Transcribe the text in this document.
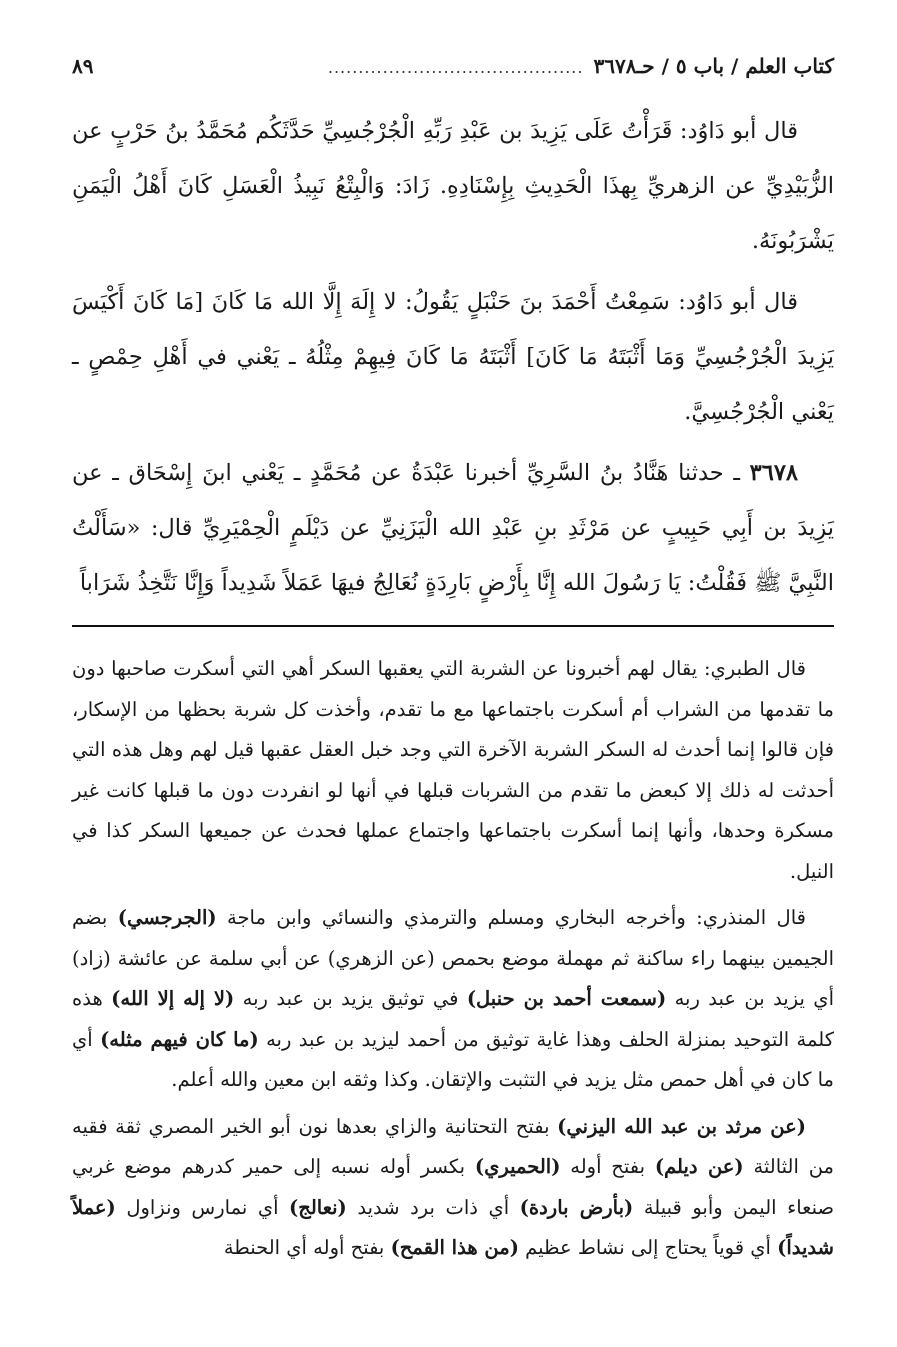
كتاب العلم / باب ٥ / حـ٣٦٧٨
..........................................
٨٩

قال أبو دَاوُد: قَرَأْتُ عَلَى يَزِيدَ بن عَبْدِ رَبِّهِ الْجُرْجُسِيِّ حَدَّثَكُم مُحَمَّدُ بنُ حَرْبٍ عن الزُّبَيْدِيِّ عن الزهريِّ بِهذَا الْحَدِيثِ بِإِسْنَادِهِ. زَادَ: وَالْبِتْعُ نَبِيذُ الْعَسَلِ كَانَ أَهْلُ الْيَمَنِ يَشْرَبُونَهُ.

قال أبو دَاوُد: سَمِعْتُ أَحْمَدَ بنَ حَنْبَلٍ يَقُولُ: لا إِلَهَ إِلَّا الله مَا كَانَ [مَا كَانَ أَكْيَسَ يَزِيدَ الْجُرْجُسِيِّ وَمَا أَثْبَتَهُ مَا كَانَ] أَثْبَتَهُ مَا كَانَ فِيهِمْ مِثْلُهُ ـ يَعْني في أَهْلِ حِمْصٍ ـ يَعْني الْجُرْجُسِيَّ.

٣٦٧٨ ـ حدثنا هَنَّادُ بنُ السَّرِيِّ أخبرنا عَبْدَةُ عن مُحَمَّدٍ ـ يَعْني ابنَ إِسْحَاق ـ عن يَزِيدَ بن أَبِي حَبِيبٍ عن مَرْثَدِ بنِ عَبْدِ الله الْيَزَنِيِّ عن دَيْلَمٍ الْحِمْيَرِيِّ قال: «سَأَلْتُ النَّبِيَّ ﷺ فَقُلْتُ: يَا رَسُولَ الله إِنَّا بِأَرْضٍ بَارِدَةٍ نُعَالِجُ فيهَا عَمَلاً شَدِيداً وَإِنَّا نَتَّخِذُ شَرَاباً

قال الطبري: يقال لهم أخبرونا عن الشربة التي يعقبها السكر أهي التي أسكرت صاحبها دون ما تقدمها من الشراب أم أسكرت باجتماعها مع ما تقدم، وأخذت كل شربة بحظها من الإسكار، فإن قالوا إنما أحدث له السكر الشربة الآخرة التي وجد خبل العقل عقبها قيل لهم وهل هذه التي أحدثت له ذلك إلا كبعض ما تقدم من الشربات قبلها في أنها لو انفردت دون ما قبلها كانت غير مسكرة وحدها، وأنها إنما أسكرت باجتماعها واجتماع عملها فحدث عن جميعها السكر كذا في النيل.

قال المنذري: وأخرجه البخاري ومسلم والترمذي والنسائي وابن ماجة (الجرجسي) بضم الجيمين بينهما راء ساكنة ثم مهملة موضع بحمص (عن الزهري) عن أبي سلمة عن عائشة (زاد) أي يزيد بن عبد ربه (سمعت أحمد بن حنبل) في توثيق يزيد بن عبد ربه (لا إله إلا الله) هذه كلمة التوحيد بمنزلة الحلف وهذا غاية توثيق من أحمد ليزيد بن عبد ربه (ما كان فيهم مثله) أي ما كان في أهل حمص مثل يزيد في التثبت والإتقان. وكذا وثقه ابن معين والله أعلم.

(عن مرثد بن عبد الله اليزني) بفتح التحتانية والزاي بعدها نون أبو الخير المصري ثقة فقيه من الثالثة (عن ديلم) بفتح أوله (الحميري) بكسر أوله نسبه إلى حمير كدرهم موضع غربي صنعاء اليمن وأبو قبيلة (بأرض باردة) أي ذات برد شديد (نعالج) أي نمارس ونزاول (عملاً شديداً) أي قوياً يحتاج إلى نشاط عظيم (من هذا القمح) بفتح أوله أي الحنطة
